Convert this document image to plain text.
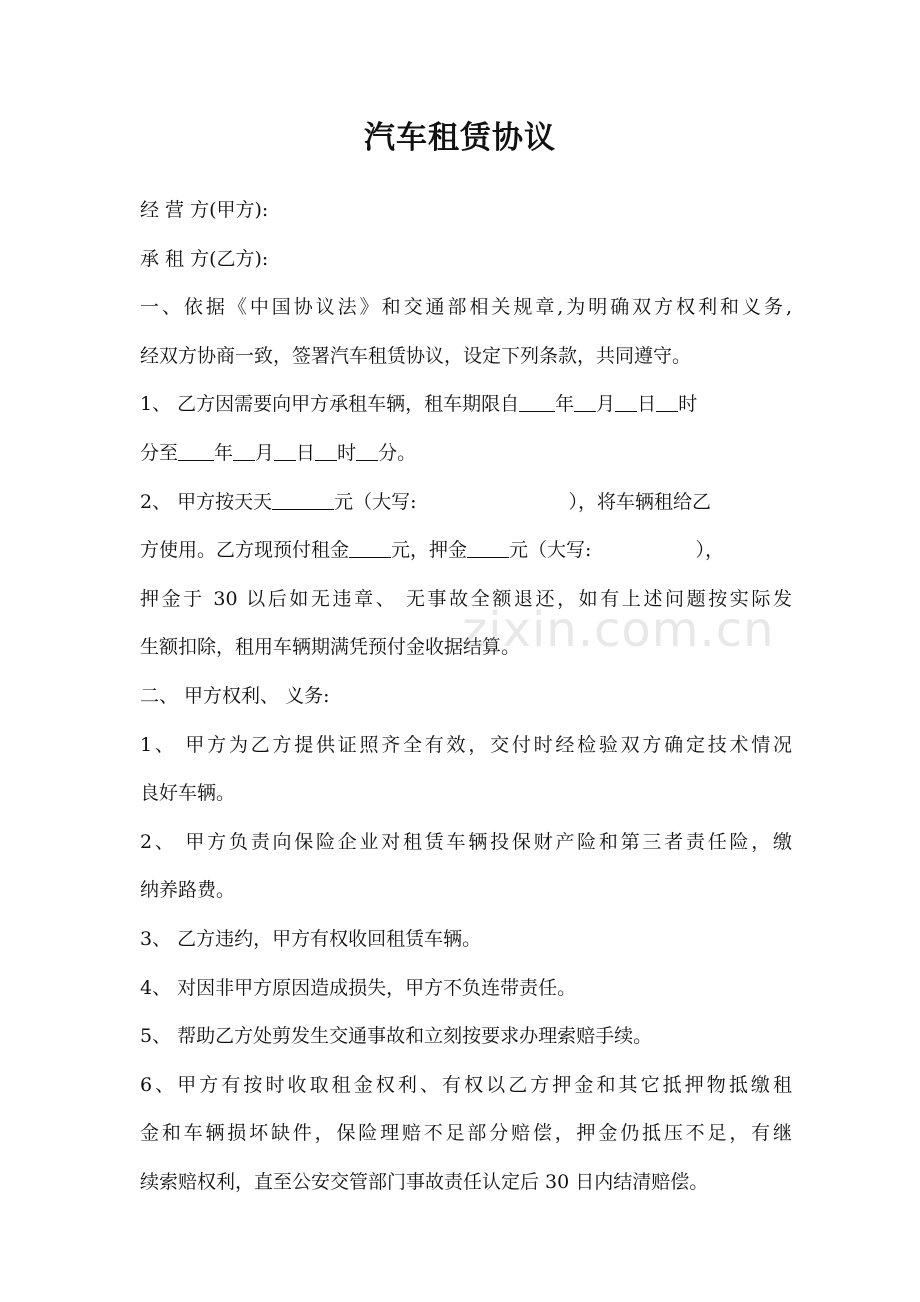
汽车租赁协议
经 营 方(甲方):
承 租 方(乙方):
一、依据《中国协议法》和交通部相关规章,为明确双方权利和义务,
经双方协商一致，签署汽车租赁协议，设定下列条款，共同遵守。
1、 乙方因需要向甲方承租车辆，租车期限自 年 月 日 时
分至 年 月 日 时 分。
2、 甲方按天天	元（大写:	），将车辆租给乙
方使用。乙方现预付租金 元，押金 元（大写:	），
押金于 30 以后如无违章、 无事故全额退还，如有上述问题按实际发
生额扣除，租用车辆期满凭预付金收据结算。
二、 甲方权利、 义务:
1、 甲方为乙方提供证照齐全有效，交付时经检验双方确定技术情况
良好车辆。
2、 甲方负责向保险企业对租赁车辆投保财产险和第三者责任险，缴
纳养路费。
3、 乙方违约，甲方有权收回租赁车辆。
4、 对因非甲方原因造成损失，甲方不负连带责任。
5、 帮助乙方处剪发生交通事故和立刻按要求办理索赔手续。
6、甲方有按时收取租金权利、有权以乙方押金和其它抵押物抵缴租
金和车辆损坏缺件，保险理赔不足部分赔偿，押金仍抵压不足，有继
续索赔权利，直至公安交管部门事故责任认定后 30 日内结清赔偿。
zixin.com.cn
